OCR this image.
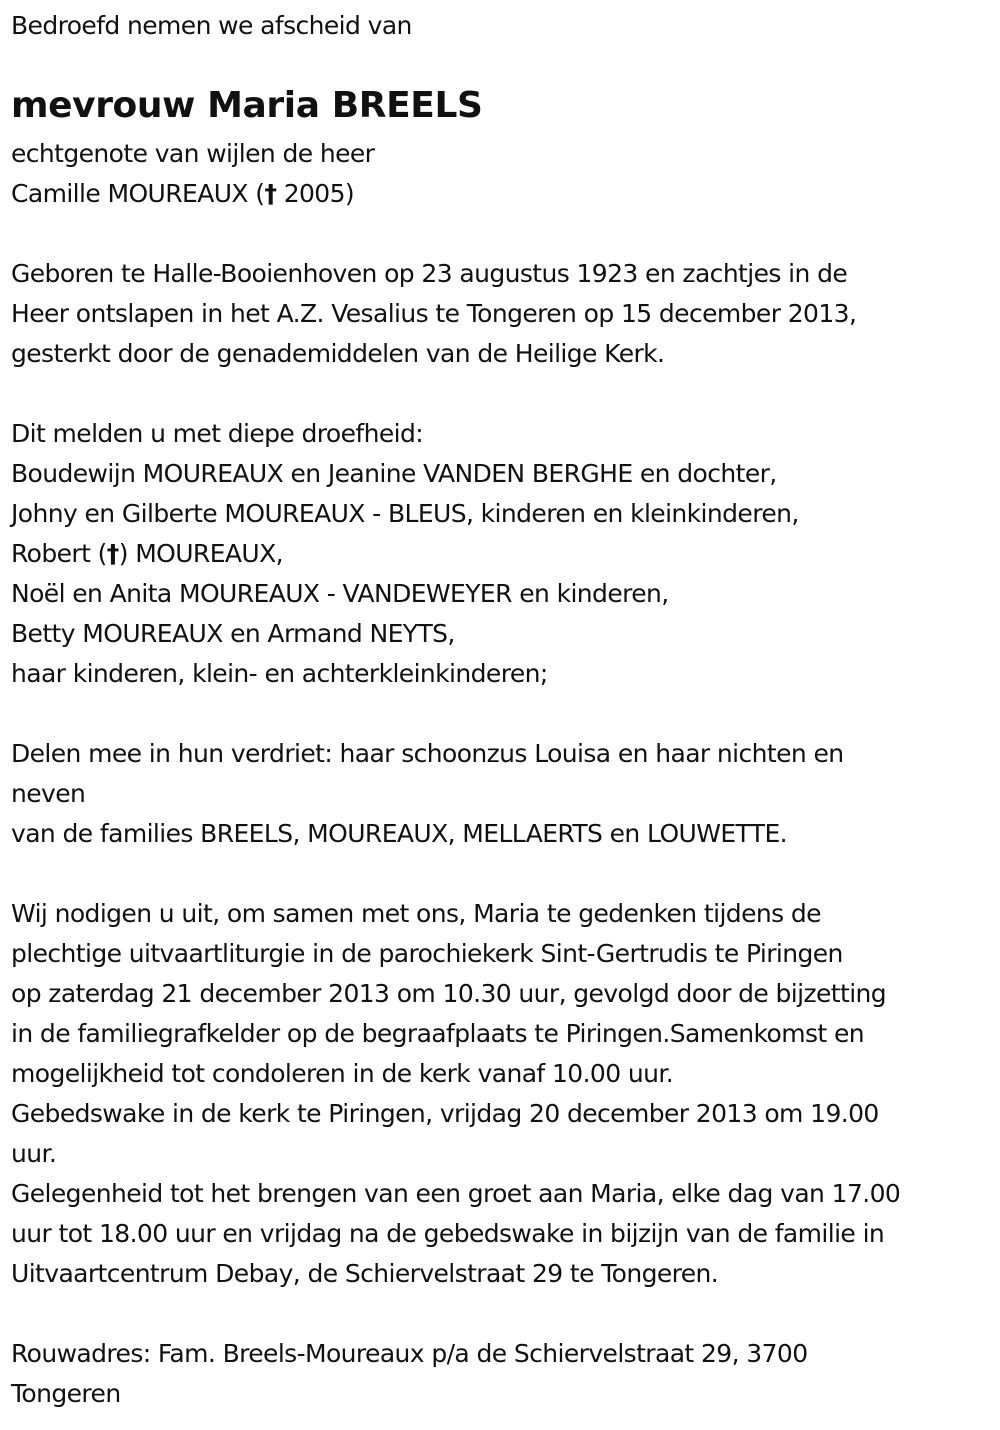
Bedroefd nemen we afscheid van
mevrouw Maria BREELS
echtgenote van wijlen de heer
Camille MOUREAUX († 2005)
Geboren te Halle-Booienhoven op 23 augustus 1923 en zachtjes in de
Heer ontslapen in het A.Z. Vesalius te Tongeren op 15 december 2013,
gesterkt door de genademiddelen van de Heilige Kerk.
Dit melden u met diepe droefheid:
Boudewijn MOUREAUX en Jeanine VANDEN BERGHE en dochter,
Johny en Gilberte MOUREAUX - BLEUS, kinderen en kleinkinderen,
Robert (†) MOUREAUX,
Noël en Anita MOUREAUX - VANDEWEYER en kinderen,
Betty MOUREAUX en Armand NEYTS,
haar kinderen, klein- en achterkleinkinderen;
Delen mee in hun verdriet: haar schoonzus Louisa en haar nichten en
neven
van de families BREELS, MOUREAUX, MELLAERTS en LOUWETTE.
Wij nodigen u uit, om samen met ons, Maria te gedenken tijdens de
plechtige uitvaartliturgie in de parochiekerk Sint-Gertrudis te Piringen
op zaterdag 21 december 2013 om 10.30 uur, gevolgd door de bijzetting
in de familiegrafkelder op de begraafplaats te Piringen.Samenkomst en
mogelijkheid tot condoleren in de kerk vanaf 10.00 uur.
Gebedswake in de kerk te Piringen, vrijdag 20 december 2013 om 19.00
uur.
Gelegenheid tot het brengen van een groet aan Maria, elke dag van 17.00
uur tot 18.00 uur en vrijdag na de gebedswake in bijzijn van de familie in
Uitvaartcentrum Debay, de Schiervelstraat 29 te Tongeren.
Rouwadres: Fam. Breels-Moureaux p/a de Schiervelstraat 29, 3700
Tongeren
